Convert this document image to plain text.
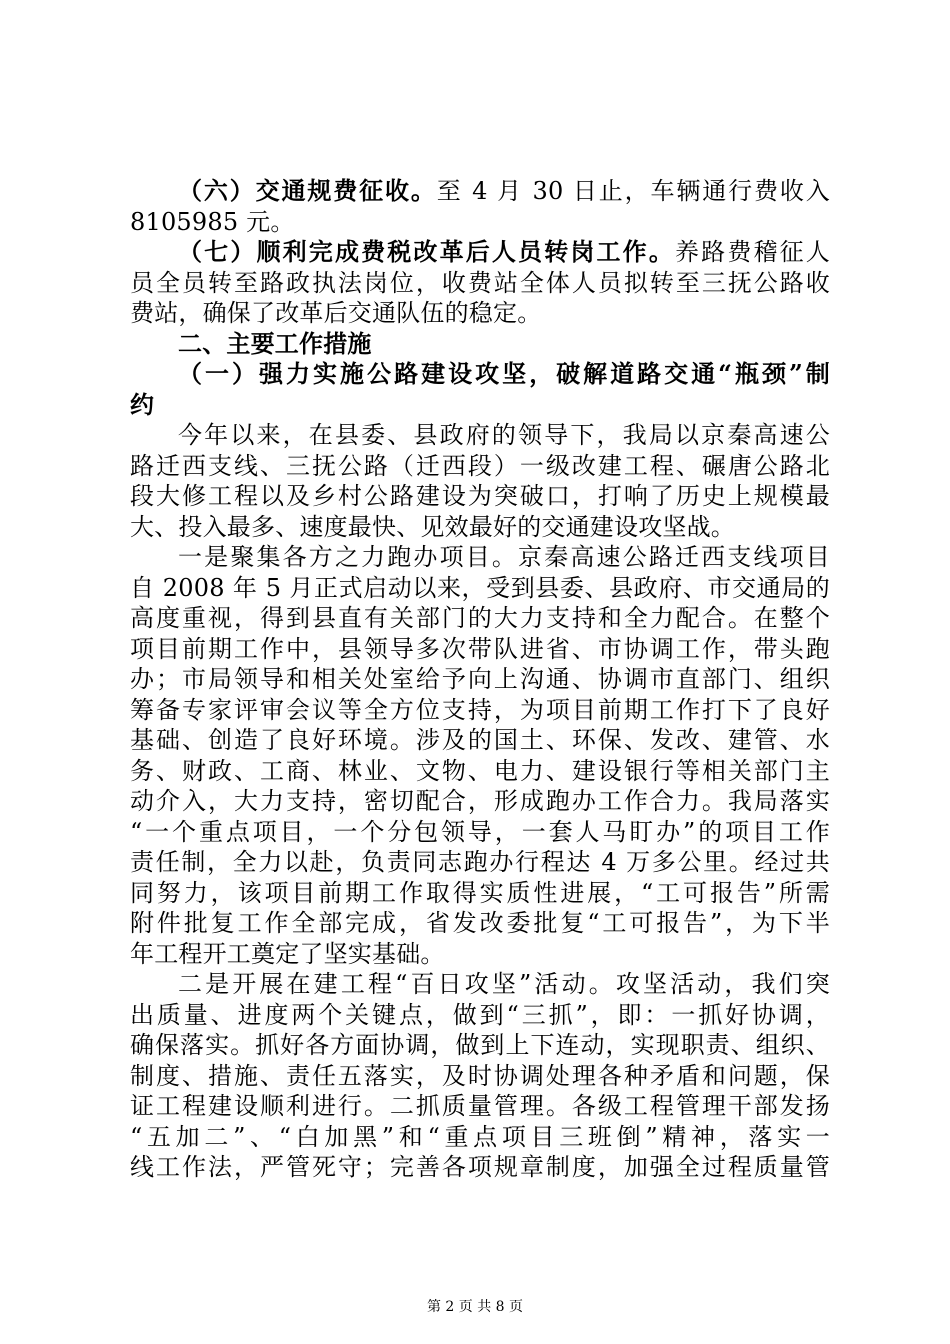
（六）交通规费征收。至 4 月 30 日止，车辆通行费收入
8105985 元。
（七）顺利完成费税改革后人员转岗工作。养路费稽征人
员全员转至路政执法岗位，收费站全体人员拟转至三抚公路收
费站，确保了改革后交通队伍的稳定。
二、主要工作措施
（一）强力实施公路建设攻坚，破解道路交通“瓶颈”制
约
今年以来，在县委、县政府的领导下，我局以京秦高速公
路迁西支线、三抚公路（迁西段）一级改建工程、碾唐公路北
段大修工程以及乡村公路建设为突破口，打响了历史上规模最
大、投入最多、速度最快、见效最好的交通建设攻坚战。
一是聚集各方之力跑办项目。京秦高速公路迁西支线项目
自 2008 年 5 月正式启动以来，受到县委、县政府、市交通局的
高度重视，得到县直有关部门的大力支持和全力配合。在整个
项目前期工作中，县领导多次带队进省、市协调工作，带头跑
办；市局领导和相关处室给予向上沟通、协调市直部门、组织
筹备专家评审会议等全方位支持，为项目前期工作打下了良好
基础、创造了良好环境。涉及的国土、环保、发改、建管、水
务、财政、工商、林业、文物、电力、建设银行等相关部门主
动介入，大力支持，密切配合，形成跑办工作合力。我局落实
“一个重点项目，一个分包领导，一套人马盯办”的项目工作
责任制，全力以赴，负责同志跑办行程达 4 万多公里。经过共
同努力，该项目前期工作取得实质性进展，“工可报告”所需
附件批复工作全部完成，省发改委批复“工可报告”，为下半
年工程开工奠定了坚实基础。
二是开展在建工程“百日攻坚”活动。攻坚活动，我们突
出质量、进度两个关键点，做到“三抓”，即：一抓好协调，
确保落实。抓好各方面协调，做到上下连动，实现职责、组织、
制度、措施、责任五落实，及时协调处理各种矛盾和问题，保
证工程建设顺利进行。二抓质量管理。各级工程管理干部发扬
“五加二”、“白加黑”和“重点项目三班倒”精神，落实一
线工作法，严管死守；完善各项规章制度，加强全过程质量管
第 2 页 共 8 页
